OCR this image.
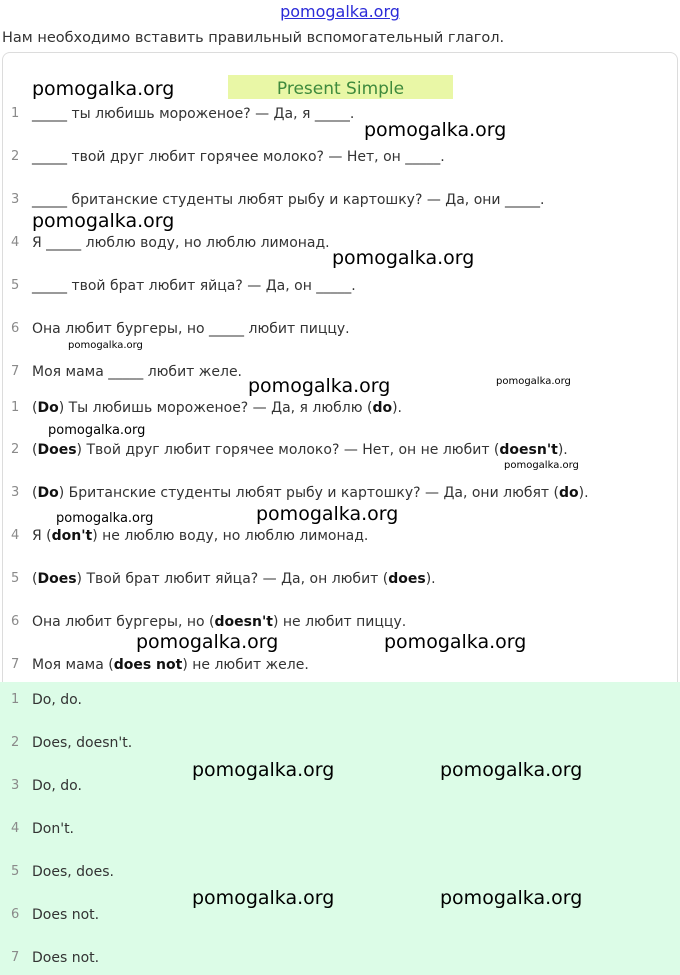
pomogalka.org
Нам необходимо вставить правильный вспомогательный глагол.
Present Simple
1 _____ ты любишь мороженое? — Да, я _____.
2 _____ твой друг любит горячее молоко? — Нет, он _____.
3 _____ британские студенты любят рыбу и картошку? — Да, они _____.
4 Я _____ люблю воду, но люблю лимонад.
5 _____ твой брат любит яйца? — Да, он _____.
6 Она любит бургеры, но _____ любит пиццу.
7 Моя мама _____ любит желе.
1 (Do) Ты любишь мороженое? — Да, я люблю (do).
2 (Does) Твой друг любит горячее молоко? — Нет, он не любит (doesn't).
3 (Do) Британские студенты любят рыбу и картошку? — Да, они любят (do).
4 Я (don't) не люблю воду, но люблю лимонад.
5 (Does) Твой брат любит яйца? — Да, он любит (does).
6 Она любит бургеры, но (doesn't) не любит пиццу.
7 Моя мама (does not) не любит желе.
1 Do, do.
2 Does, doesn't.
3 Do, do.
4 Don't.
5 Does, does.
6 Does not.
7 Does not.
pomogalka.org
pomogalka.org
pomogalka.org
pomogalka.org
pomogalka.org
pomogalka.org	pomogalka.org
pomogalka.org
pomogalka.org
pomogalka.org	pomogalka.org
pomogalka.org	pomogalka.org
pomogalka.org	pomogalka.org
pomogalka.org	pomogalka.org
